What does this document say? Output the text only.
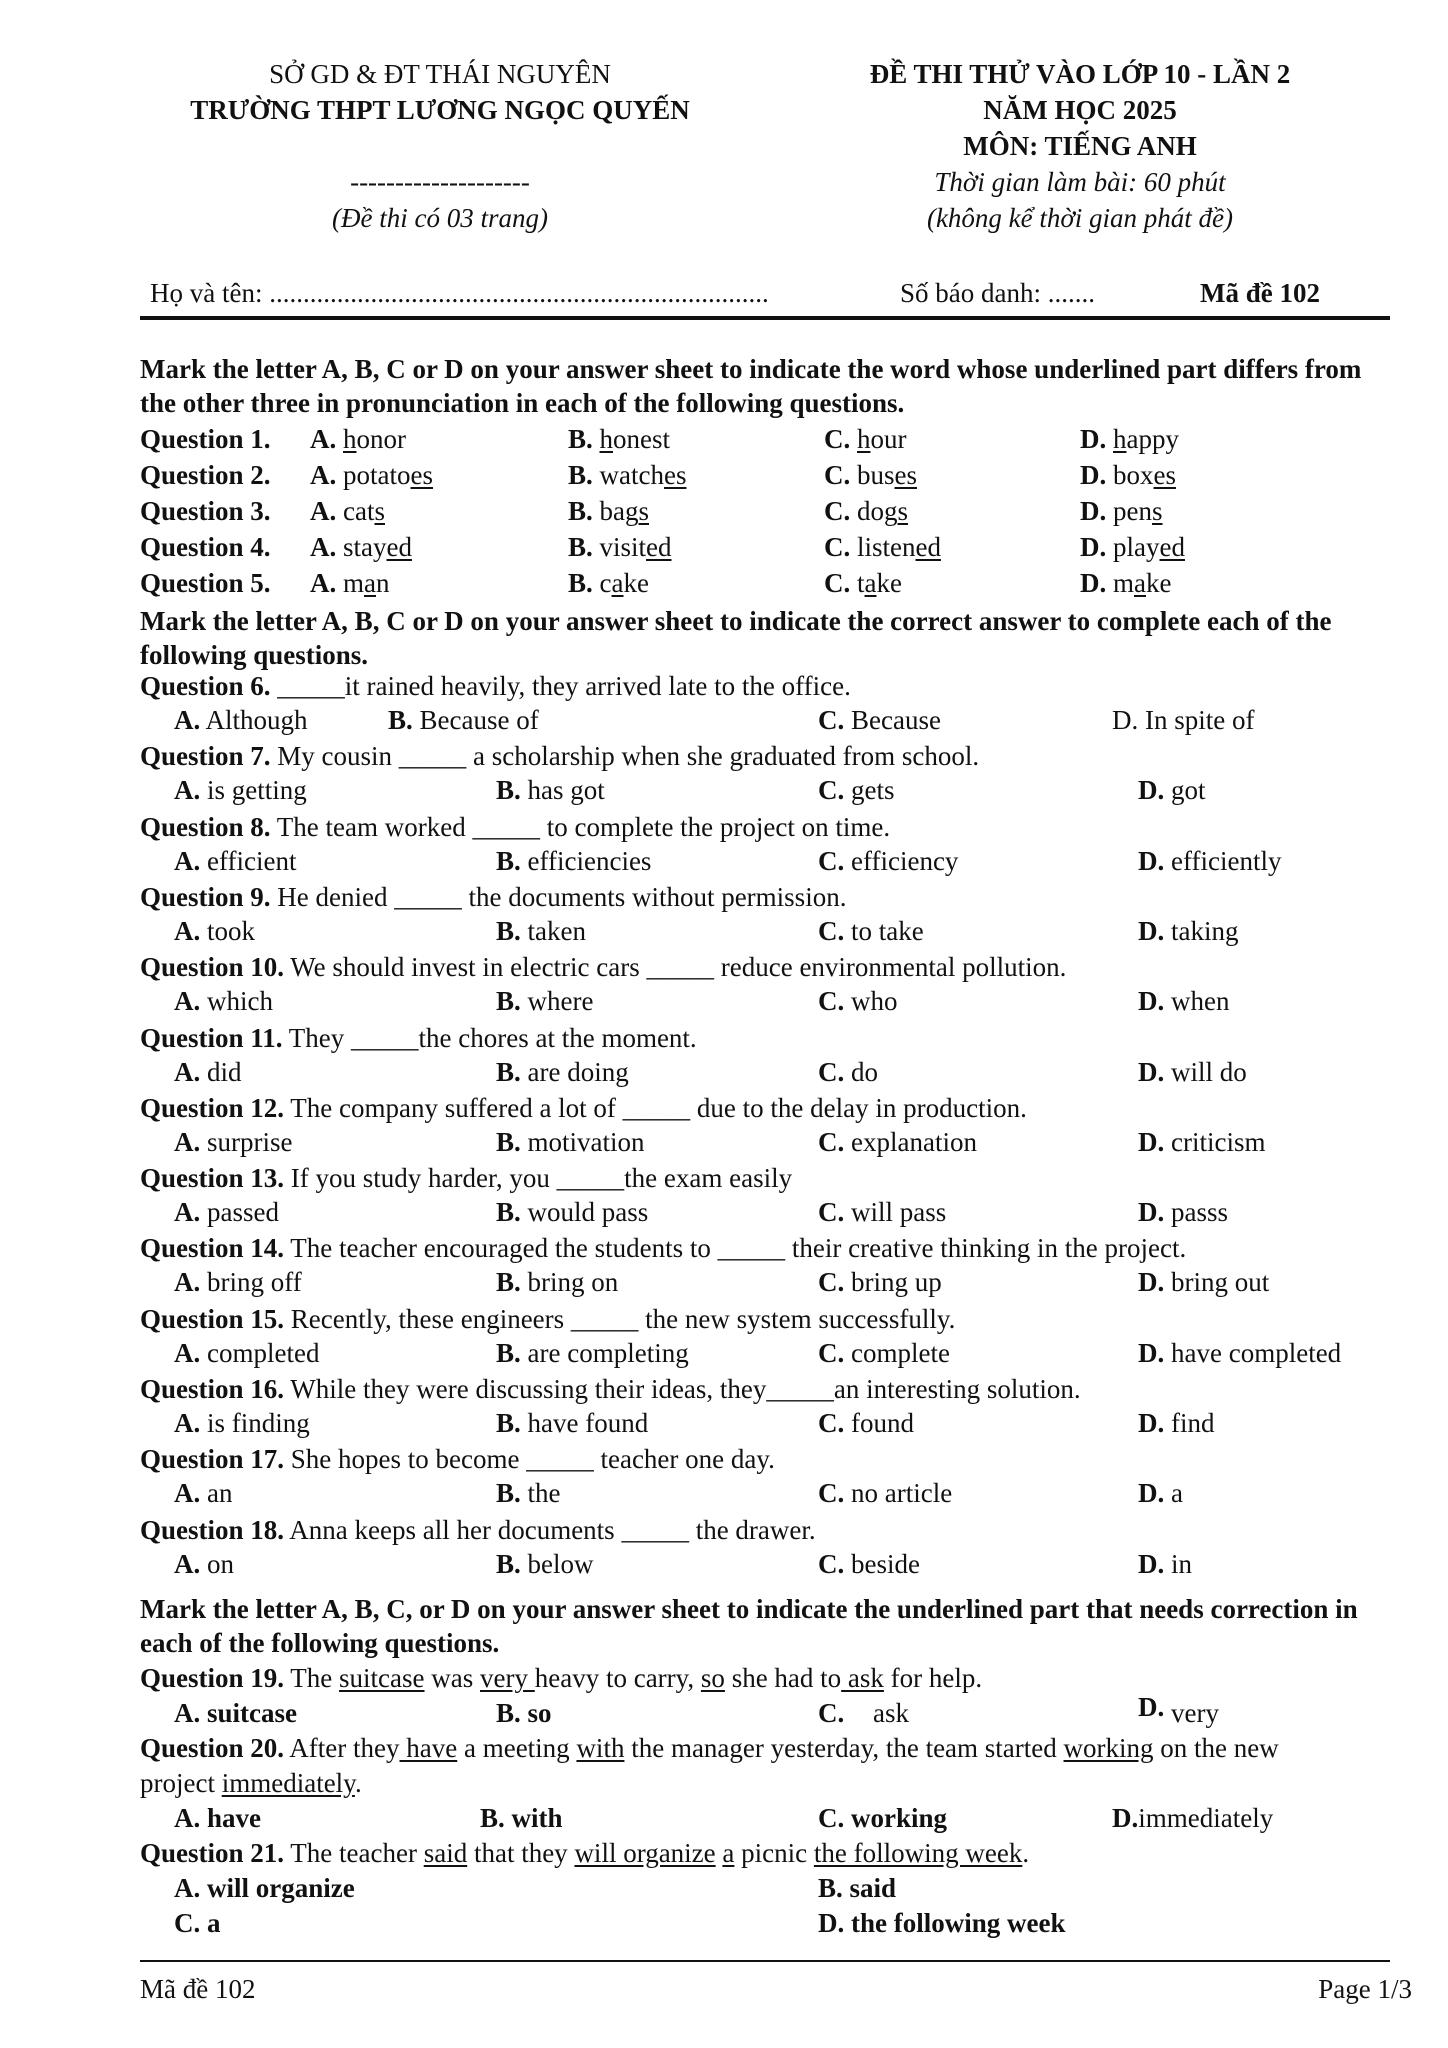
SỞ GD & ĐT THÁI NGUYÊN
TRƯỜNG THPT LƯƠNG NGỌC QUYẾN
--------------------
(Đề thi có 03 trang)
ĐỀ THI THỬ VÀO LỚP 10 - LẦN 2
NĂM HỌC 2025
MÔN: TIẾNG ANH
Thời gian làm bài: 60 phút
(không kể thời gian phát đề)
Họ và tên: ..........................................................................	Số báo danh: .......	Mã đề 102
Mark the letter A, B, C or D on your answer sheet to indicate the word whose underlined part differs from the other three in pronunciation in each of the following questions.
Question 1. A. honor	B. honest	C. hour	D. happy
Question 2. A. potatoes	B. watches	C. buses	D. boxes
Question 3. A. cats	B. bags	C. dogs	D. pens
Question 4. A. stayed	B. visited	C. listened	D. played
Question 5. A. man	B. cake	C. take	D. make
Mark the letter A, B, C or D on your answer sheet to indicate the correct answer to complete each of the following questions.
Question 6. _____it rained heavily, they arrived late to the office.
A. Although	B. Because of	C. Because	D. In spite of
Question 7. My cousin _____ a scholarship when she graduated from school.
A. is getting	B. has got	C. gets	D. got
Question 8. The team worked _____ to complete the project on time.
A. efficient	B. efficiencies	C. efficiency	D. efficiently
Question 9. He denied _____ the documents without permission.
A. took	B. taken	C. to take	D. taking
Question 10. We should invest in electric cars _____ reduce environmental pollution.
A. which	B. where	C. who	D. when
Question 11. They _____the chores at the moment.
A. did	B. are doing	C. do	D. will do
Question 12. The company suffered a lot of _____ due to the delay in production.
A. surprise	B. motivation	C. explanation	D. criticism
Question 13. If you study harder, you _____the exam easily
A. passed	B. would pass	C. will pass	D. passs
Question 14. The teacher encouraged the students to _____ their creative thinking in the project.
A. bring off	B. bring on	C. bring up	D. bring out
Question 15. Recently, these engineers _____ the new system successfully.
A. completed	B. are completing	C. complete	D. have completed
Question 16. While they were discussing their ideas, they_____an interesting solution.
A. is finding	B. have found	C. found	D. find
Question 17. She hopes to become _____ teacher one day.
A. an	B. the	C. no article	D. a
Question 18. Anna keeps all her documents _____ the drawer.
A. on	B. below	C. beside	D. in
Mark the letter A, B, C, or D on your answer sheet to indicate the underlined part that needs correction in each of the following questions.
Question 19. The suitcase was very heavy to carry, so she had to ask for help.
A. suitcase	B. so	C. ask	D. very
Question 20. After they have a meeting with the manager yesterday, the team started working on the new
project immediately.
A. have	B. with	C. working	D.immediately
Question 21. The teacher said that they will organize a picnic the following week.
A. will organize	B. said
C. a	D. the following week
Mã đề 102	Page 1/3
